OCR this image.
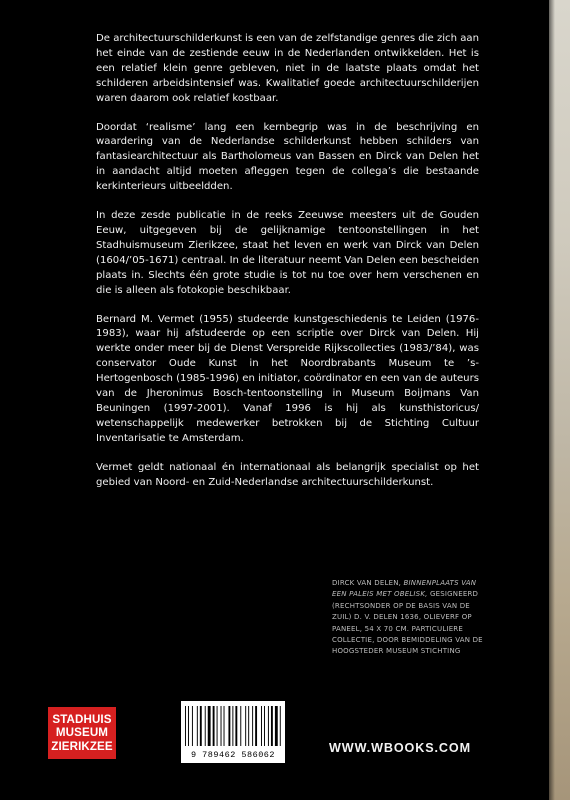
De architectuurschilderkunst is een van de zelfstandige genres die zich aan het einde van de zestiende eeuw in de Nederlanden ontwikkelden. Het is een relatief klein genre gebleven, niet in de laatste plaats omdat het schilderen arbeidsintensief was. Kwalitatief goede architectuurschilderijen waren daarom ook relatief kostbaar.

Doordat ‘realisme’ lang een kernbegrip was in de beschrijving en waardering van de Nederlandse schilderkunst hebben schilders van fantasiearchitectuur als Bartholomeus van Bassen en Dirck van Delen het in aandacht altijd moeten afleggen tegen de collega’s die bestaande kerkinterieurs uitbeeldden.

In deze zesde publicatie in de reeks Zeeuwse meesters uit de Gouden Eeuw, uitgegeven bij de gelijknamige tentoonstellingen in het Stadhuismuseum Zierikzee, staat het leven en werk van Dirck van Delen (1604/’05-1671) centraal. In de literatuur neemt Van Delen een bescheiden plaats in. Slechts één grote studie is tot nu toe over hem verschenen en die is alleen als fotokopie beschikbaar.

Bernard M. Vermet (1955) studeerde kunstgeschiedenis te Leiden (1976-1983), waar hij afstudeerde op een scriptie over Dirck van Delen. Hij werkte onder meer bij de Dienst Verspreide Rijkscollecties (1983/’84), was conservator Oude Kunst in het Noordbrabants Museum te ’s-Hertogenbosch (1985-1996) en initiator, coördinator en een van de auteurs van de Jheronimus Bosch-tentoonstelling in Museum Boijmans Van Beuningen (1997-2001). Vanaf 1996 is hij als kunsthistoricus/ wetenschappelijk medewerker betrokken bij de Stichting Cultuur Inventarisatie te Amsterdam.

Vermet geldt nationaal én internationaal als belangrijk specialist op het gebied van Noord- en Zuid-Nederlandse architectuurschilderkunst.

DIRCK VAN DELEN, BINNENPLAATS VAN EEN PALEIS MET OBELISK, GESIGNEERD (RECHTSONDER OP DE BASIS VAN DE ZUIL) D. V. DELEN 1636, OLIEVERF OP PANEEL, 54 X 70 CM. PARTICULIERE COLLECTIE, DOOR BEMIDDELING VAN DE HOOGSTEDER MUSEUM STICHTING
STADHUIS
MUSEUM
ZIERIKZEE
9 789462 586062	WWW.WBOOKS.COM
